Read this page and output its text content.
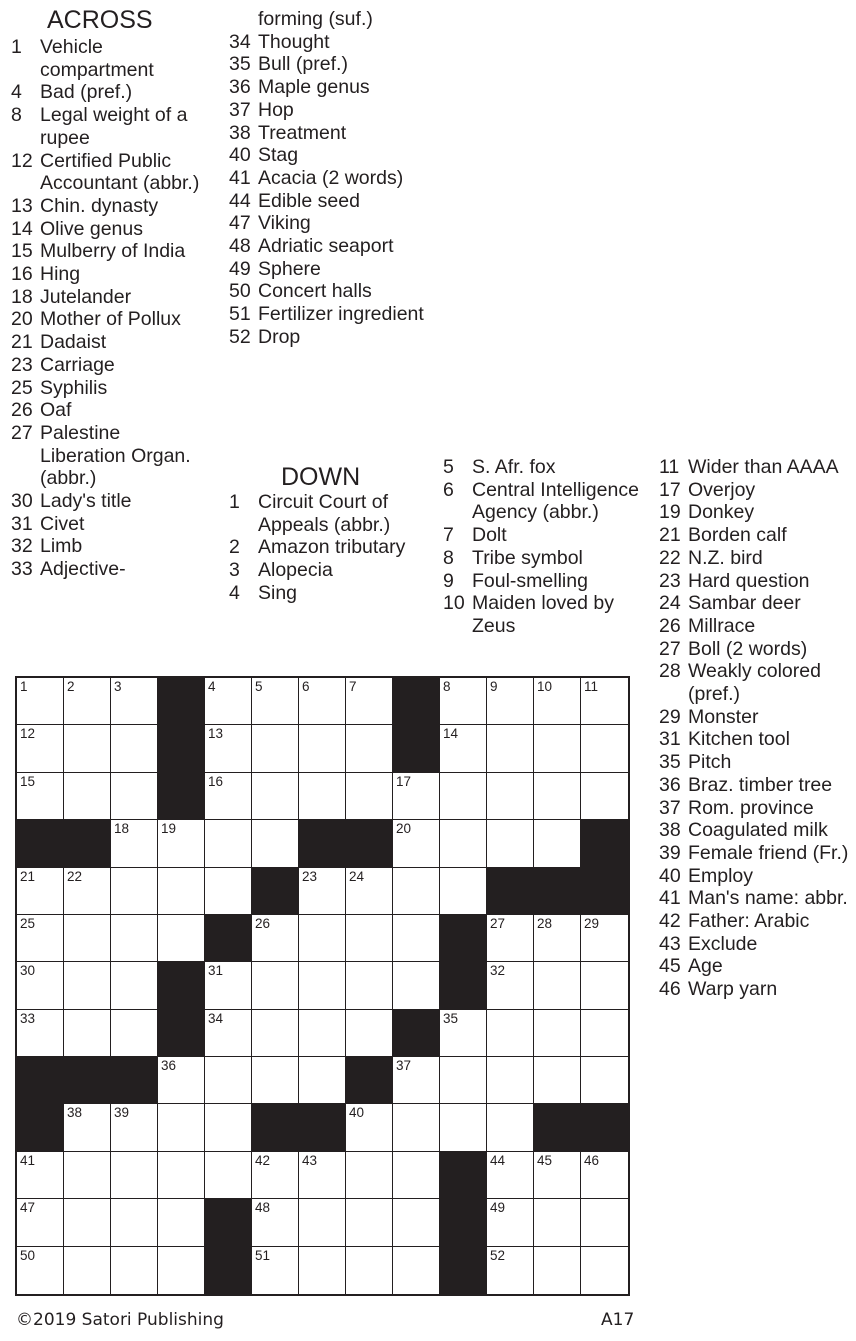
ACROSS
1 Vehicle compartment
4 Bad (pref.)
8 Legal weight of a rupee
12 Certified Public Accountant (abbr.)
13 Chin. dynasty
14 Olive genus
15 Mulberry of India
16 Hing
18 Jutelander
20 Mother of Pollux
21 Dadaist
23 Carriage
25 Syphilis
26 Oaf
27 Palestine Liberation Organ. (abbr.)
30 Lady's title
31 Civet
32 Limb
33 Adjective-
forming (suf.)
34 Thought
35 Bull (pref.)
36 Maple genus
37 Hop
38 Treatment
40 Stag
41 Acacia (2 words)
44 Edible seed
47 Viking
48 Adriatic seaport
49 Sphere
50 Concert halls
51 Fertilizer ingredient
52 Drop
DOWN
1 Circuit Court of Appeals (abbr.)
2 Amazon tributary
3 Alopecia
4 Sing
5 S. Afr. fox
6 Central Intelligence Agency (abbr.)
7 Dolt
8 Tribe symbol
9 Foul-smelling
10 Maiden loved by Zeus
11 Wider than AAAA
17 Overjoy
19 Donkey
21 Borden calf
22 N.Z. bird
23 Hard question
24 Sambar deer
26 Millrace
27 Boll (2 words)
28 Weakly colored (pref.)
29 Monster
31 Kitchen tool
35 Pitch
36 Braz. timber tree
37 Rom. province
38 Coagulated milk
39 Female friend (Fr.)
40 Employ
41 Man's name: abbr.
42 Father: Arabic
43 Exclude
45 Age
46 Warp yarn
1	2	3	4	5	6	7	8	9	10 11
12	13	14
15	16	17
18 19	20
21 22	23 24
25	26	27 28 29
30	31	32
33	34	35
36	37
38 39	40
41	42 43	44 45 46
47	48	49
50	51	52
©2019 Satori Publishing	A17
